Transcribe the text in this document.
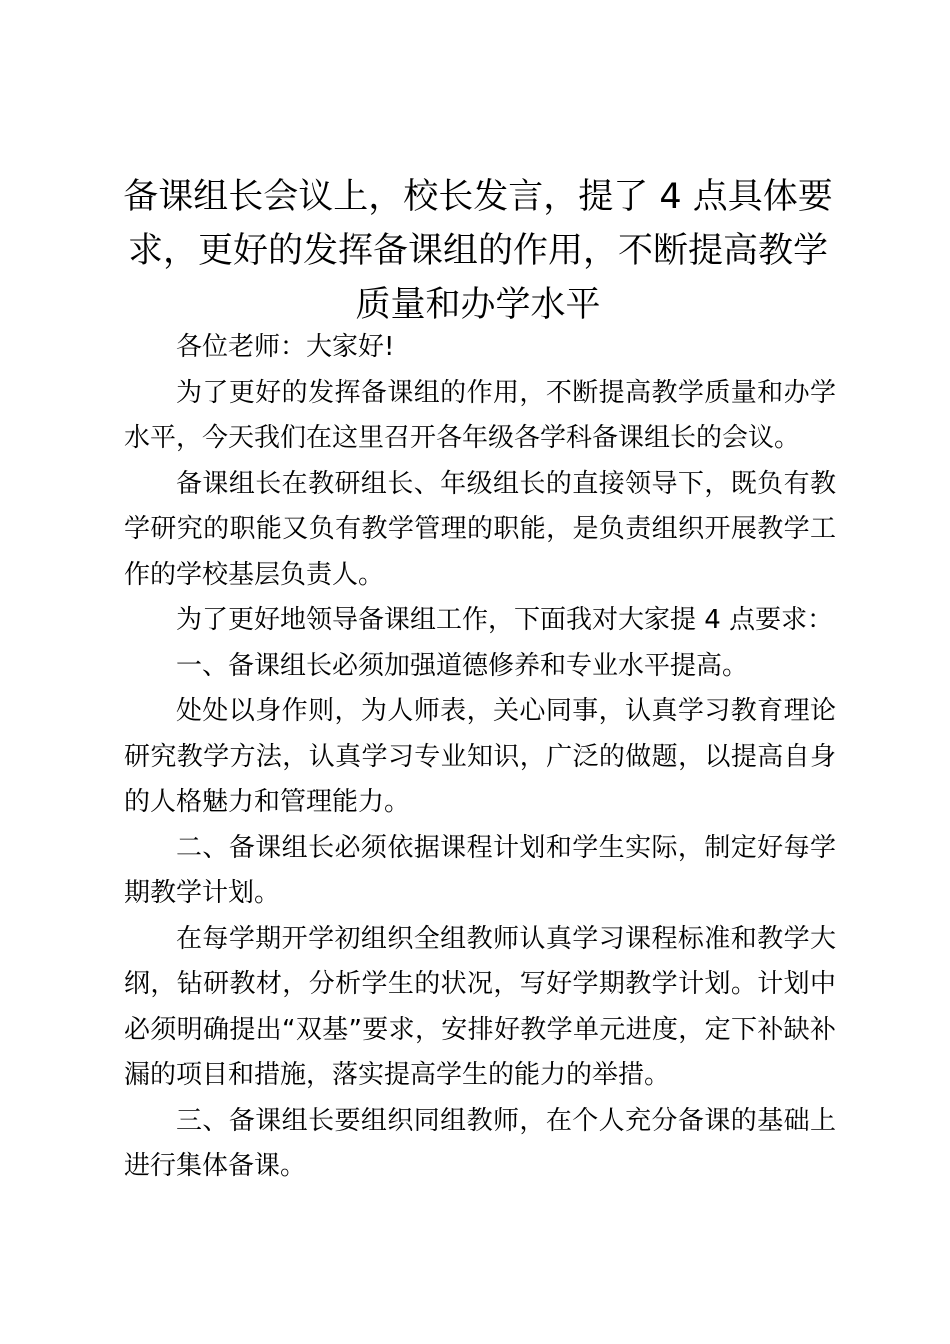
备课组长会议上，校长发言，提了 4 点具体要求，更好的发挥备课组的作用，不断提高教学质量和办学水平

各位老师：大家好!

为了更好的发挥备课组的作用，不断提高教学质量和办学水平，今天我们在这里召开各年级各学科备课组长的会议。

备课组长在教研组长、年级组长的直接领导下，既负有教学研究的职能又负有教学管理的职能，是负责组织开展教学工作的学校基层负责人。

为了更好地领导备课组工作，下面我对大家提 4 点要求：

一、备课组长必须加强道德修养和专业水平提高。

处处以身作则，为人师表，关心同事，认真学习教育理论研究教学方法，认真学习专业知识，广泛的做题，以提高自身的人格魅力和管理能力。

二、备课组长必须依据课程计划和学生实际，制定好每学期教学计划。

在每学期开学初组织全组教师认真学习课程标准和教学大纲，钻研教材，分析学生的状况，写好学期教学计划。计划中必须明确提出“双基”要求，安排好教学单元进度，定下补缺补漏的项目和措施，落实提高学生的能力的举措。

三、备课组长要组织同组教师，在个人充分备课的基础上进行集体备课。
